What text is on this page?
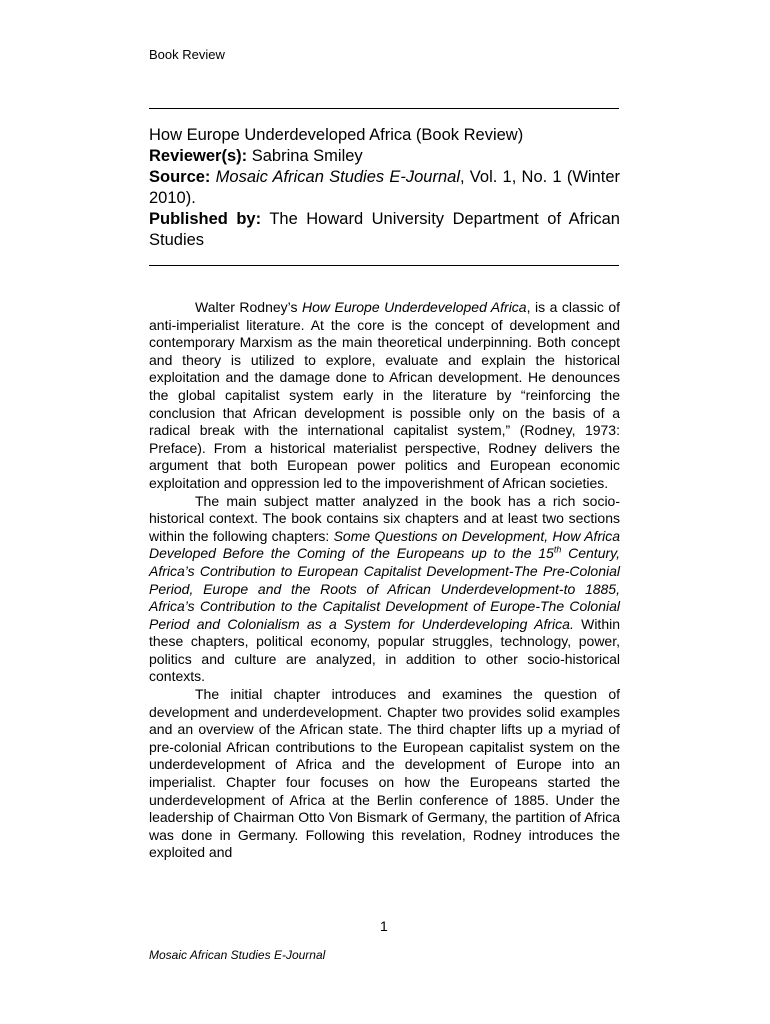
Book Review
How Europe Underdeveloped Africa (Book Review)
Reviewer(s): Sabrina Smiley
Source: Mosaic African Studies E-Journal, Vol. 1, No. 1 (Winter 2010).
Published by: The Howard University Department of African Studies

Walter Rodney’s How Europe Underdeveloped Africa, is a classic of anti-imperialist literature. At the core is the concept of development and contemporary Marxism as the main theoretical underpinning. Both concept and theory is utilized to explore, evaluate and explain the historical exploitation and the damage done to African development. He denounces the global capitalist system early in the literature by “reinforcing the conclusion that African development is possible only on the basis of a radical break with the international capitalist system,” (Rodney, 1973: Preface). From a historical materialist perspective, Rodney delivers the argument that both European power politics and European economic exploitation and oppression led to the impoverishment of African societies.

The main subject matter analyzed in the book has a rich socio-historical context. The book contains six chapters and at least two sections within the following chapters: Some Questions on Development, How Africa Developed Before the Coming of the Europeans up to the 15th Century, Africa’s Contribution to European Capitalist Development-The Pre-Colonial Period, Europe and the Roots of African Underdevelopment-to 1885, Africa’s Contribution to the Capitalist Development of Europe-The Colonial Period and Colonialism as a System for Underdeveloping Africa. Within these chapters, political economy, popular struggles, technology, power, politics and culture are analyzed, in addition to other socio-historical contexts.

The initial chapter introduces and examines the question of development and underdevelopment. Chapter two provides solid examples and an overview of the African state. The third chapter lifts up a myriad of pre-colonial African contributions to the European capitalist system on the underdevelopment of Africa and the development of Europe into an imperialist. Chapter four focuses on how the Europeans started the underdevelopment of Africa at the Berlin conference of 1885. Under the leadership of Chairman Otto Von Bismark of Germany, the partition of Africa was done in Germany. Following this revelation, Rodney introduces the exploited and

1
Mosaic African Studies E-Journal
